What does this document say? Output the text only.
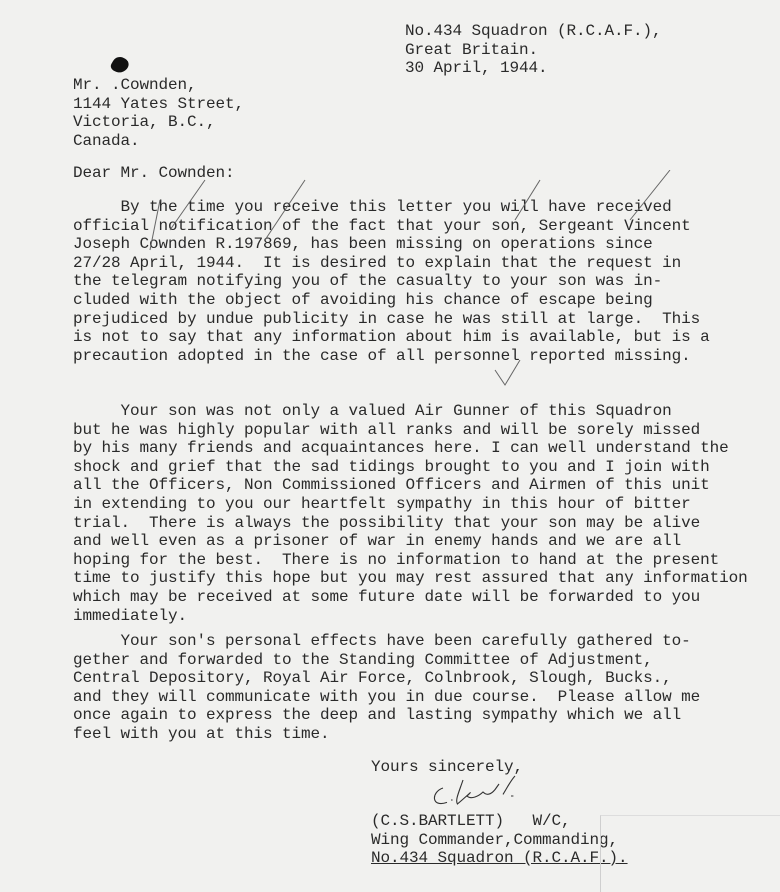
No.434 Squadron (R.C.A.F.),
Great Britain.
30 April, 1944.
Mr. .Cownden,
1144 Yates Street,
Victoria, B.C.,
Canada.
Dear Mr. Cownden:
By the time you receive this letter you will have received
official notification of the fact that your son, Sergeant Vincent
Joseph Cownden R.197869, has been missing on operations since
27/28 April, 1944.  It is desired to explain that the request in
the telegram notifying you of the casualty to your son was in-
cluded with the object of avoiding his chance of escape being
prejudiced by undue publicity in case he was still at large.  This
is not to say that any information about him is available, but is a
precaution adopted in the case of all personnel reported missing.
Your son was not only a valued Air Gunner of this Squadron
but he was highly popular with all ranks and will be sorely missed
by his many friends and acquaintances here. I can well understand the
shock and grief that the sad tidings brought to you and I join with
all the Officers, Non Commissioned Officers and Airmen of this unit
in extending to you our heartfelt sympathy in this hour of bitter
trial.  There is always the possibility that your son may be alive
and well even as a prisoner of war in enemy hands and we are all
hoping for the best.  There is no information to hand at the present
time to justify this hope but you may rest assured that any information
which may be received at some future date will be forwarded to you
immediately.
Your son's personal effects have been carefully gathered to-
gether and forwarded to the Standing Committee of Adjustment,
Central Depository, Royal Air Force, Colnbrook, Slough, Bucks.,
and they will communicate with you in due course.  Please allow me
once again to express the deep and lasting sympathy which we all
feel with you at this time.
Yours sincerely,
(C.S.BARTLETT)   W/C,
Wing Commander,Commanding,
No.434 Squadron (R.C.A.F.).
